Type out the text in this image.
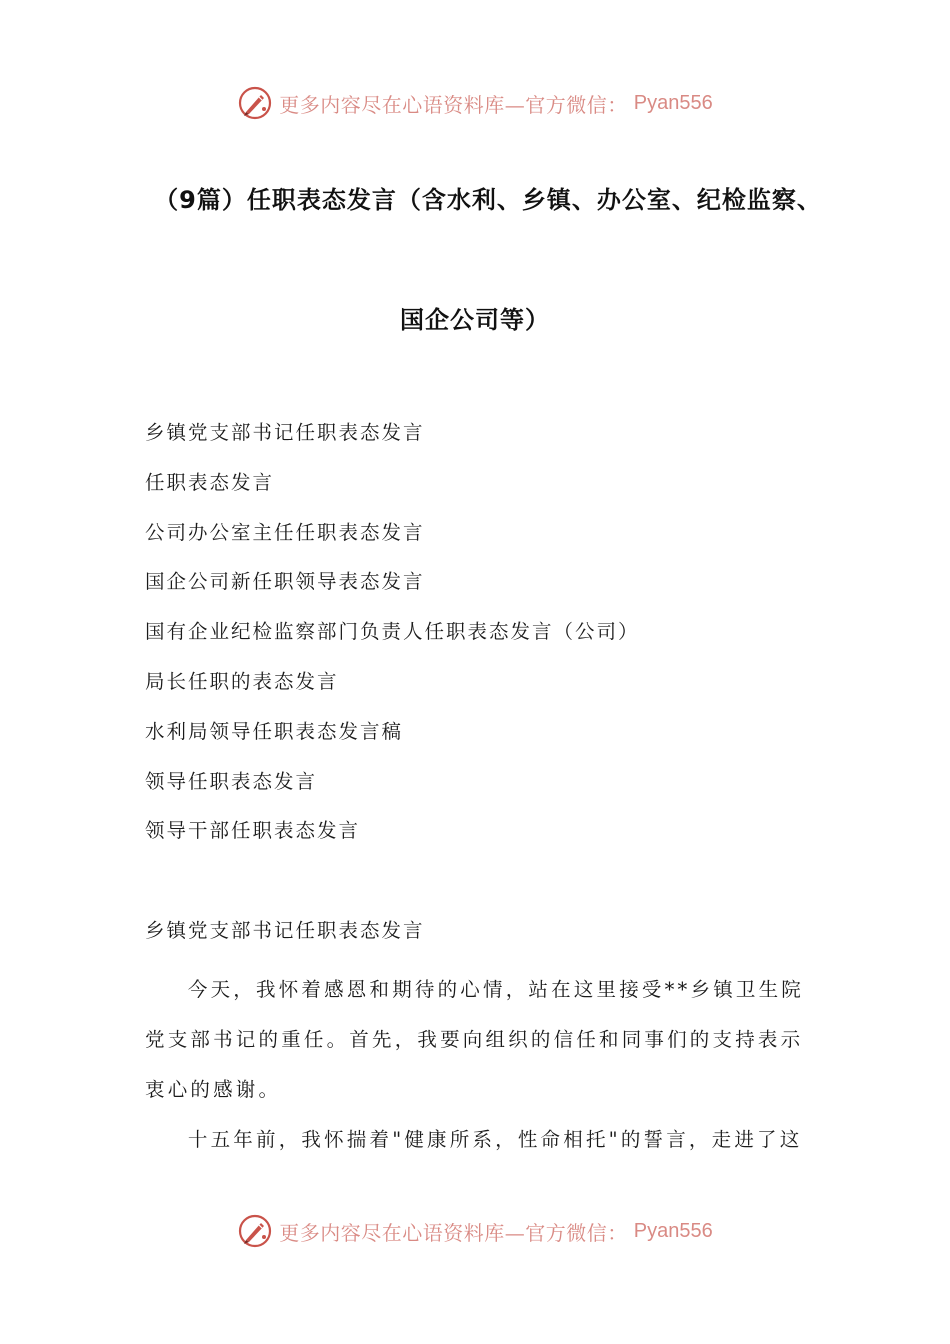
更多内容尽在心语资料库—官方微信： Pyan556
（9篇）任职表态发言（含水利、乡镇、办公室、纪检监察、
国企公司等）
乡镇党支部书记任职表态发言
任职表态发言
公司办公室主任任职表态发言
国企公司新任职领导表态发言
国有企业纪检监察部门负责人任职表态发言（公司）
局长任职的表态发言
水利局领导任职表态发言稿
领导任职表态发言
领导干部任职表态发言
乡镇党支部书记任职表态发言

今天，我怀着感恩和期待的心情，站在这里接受**乡镇卫生院党支部书记的重任。首先，我要向组织的信任和同事们的支持表示衷心的感谢。

十五年前，我怀揣着"健康所系，性命相托"的誓言，走进了这

更多内容尽在心语资料库—官方微信： Pyan556
